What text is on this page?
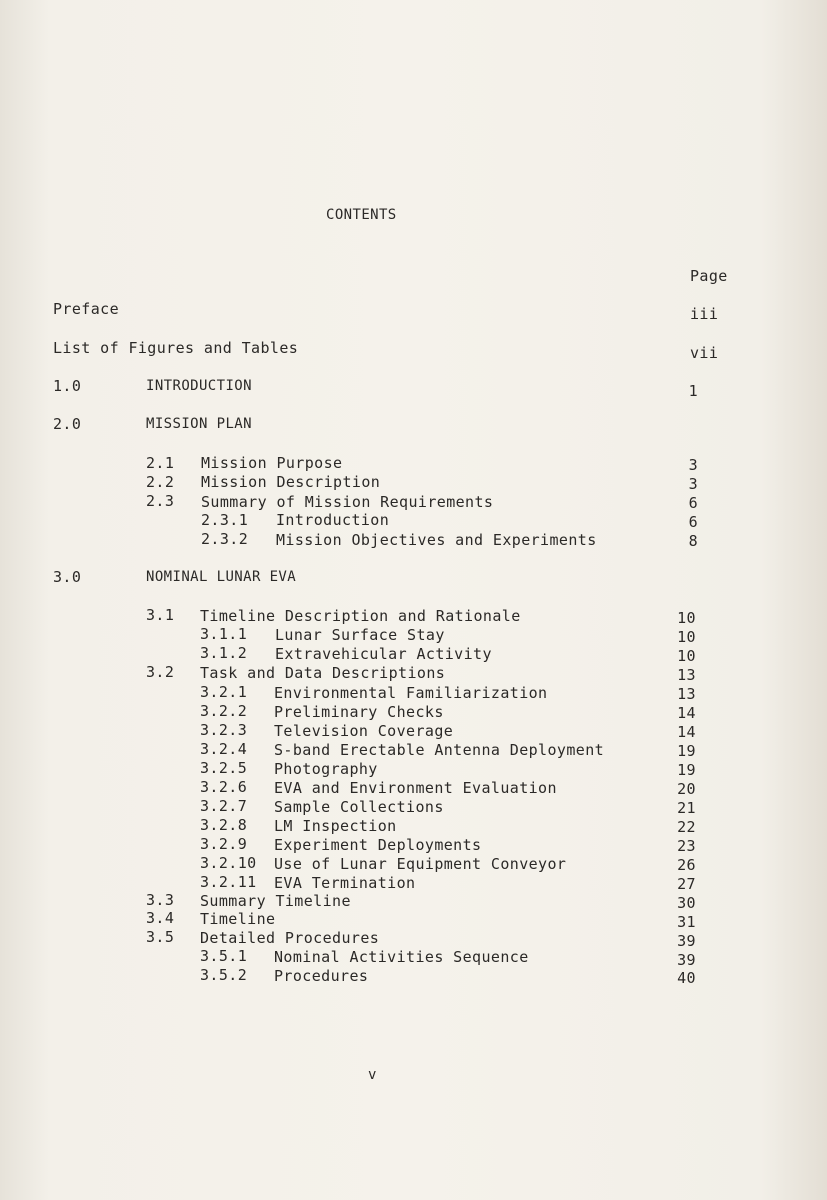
CONTENTS
Page
Preface	iii
List of Figures and Tables	vii
1.0	INTRODUCTION	1
2.0	MISSION PLAN
2.1 Mission Purpose	3
2.2 Mission Description	3
2.3 Summary of Mission Requirements	6
2.3.1 Introduction	6
2.3.2 Mission Objectives and Experiments	8
3.0	NOMINAL LUNAR EVA
3.1 Timeline Description and Rationale	10
3.1.1 Lunar Surface Stay	10
3.1.2 Extravehicular Activity	10
3.2 Task and Data Descriptions	13
3.2.1 Environmental Familiarization	13
3.2.2 Preliminary Checks	14
3.2.3 Television Coverage	14
3.2.4 S-band Erectable Antenna Deployment	19
3.2.5 Photography	19
3.2.6 EVA and Environment Evaluation	20
3.2.7 Sample Collections	21
3.2.8 LM Inspection	22
3.2.9 Experiment Deployments	23
3.2.10 Use of Lunar Equipment Conveyor	26
3.2.11 EVA Termination	27
3.3 Summary Timeline	30
3.4 Timeline	31
3.5 Detailed Procedures	39
3.5.1 Nominal Activities Sequence	39
3.5.2 Procedures	40
v
